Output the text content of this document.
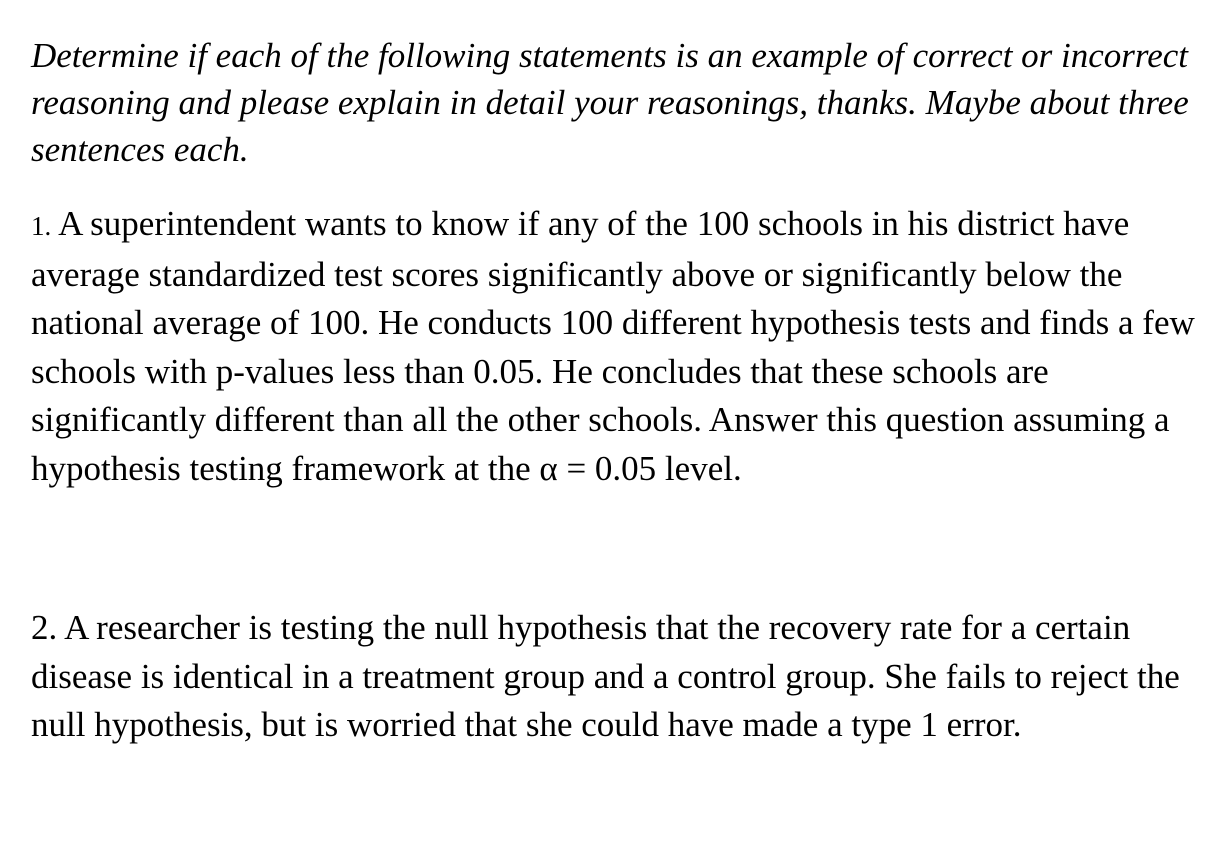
Determine if each of the following statements is an example of correct or incorrect reasoning and please explain in detail your reasonings, thanks. Maybe about three sentences each.

1. A superintendent wants to know if any of the 100 schools in his district have average standardized test scores significantly above or significantly below the national average of 100. He conducts 100 different hypothesis tests and finds a few schools with p-values less than 0.05. He concludes that these schools are significantly different than all the other schools. Answer this question assuming a hypothesis testing framework at the α = 0.05 level.

2. A researcher is testing the null hypothesis that the recovery rate for a certain disease is identical in a treatment group and a control group. She fails to reject the null hypothesis, but is worried that she could have made a type 1 error.
